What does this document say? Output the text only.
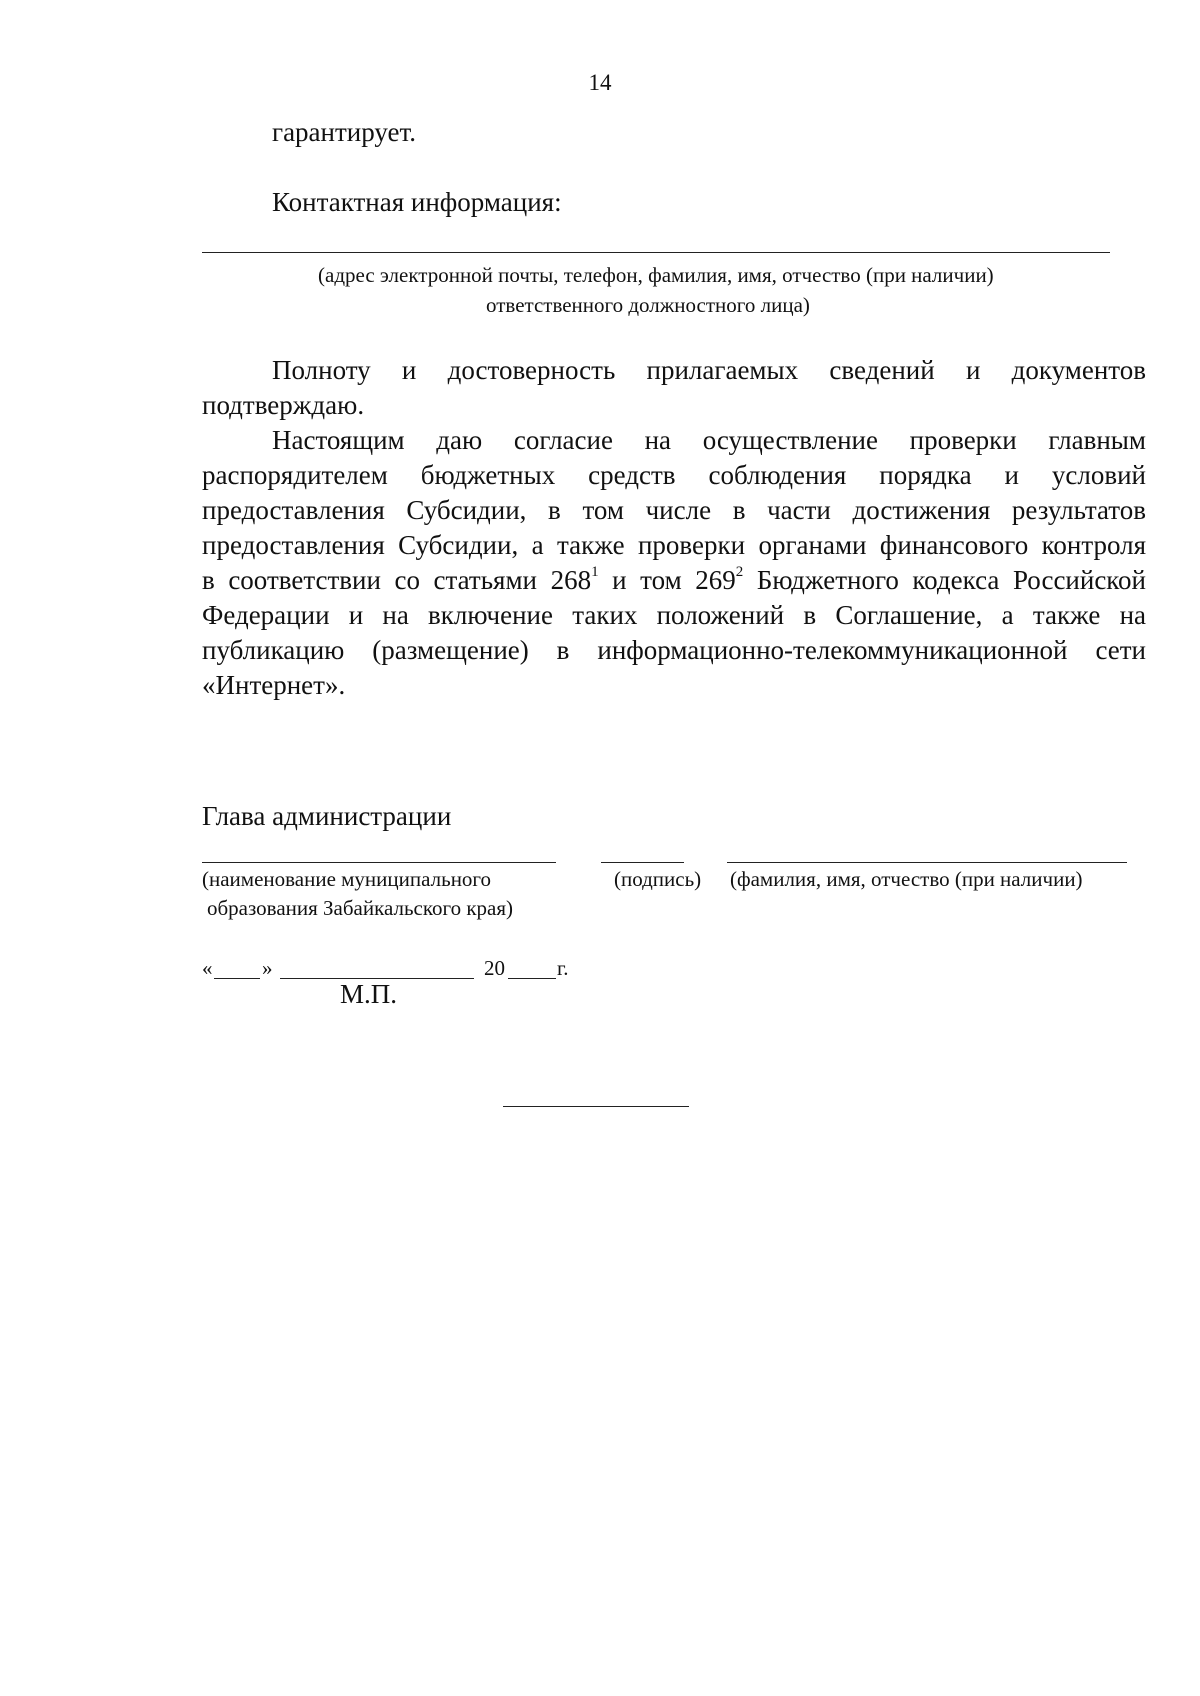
14
гарантирует.
Контактная информация:
(адрес электронной почты, телефон, фамилия, имя, отчество (при наличии)
ответственного должностного лица)
Полноту и достоверность прилагаемых сведений и документов
подтверждаю.
Настоящим даю согласие на осуществление проверки главным
распорядителем бюджетных средств соблюдения порядка и условий
предоставления Субсидии, в том числе в части достижения результатов
предоставления Субсидии, а также проверки органами финансового контроля
в соответствии со статьями $268^1$ и том $269^2$ Бюджетного кодекса Российской
Федерации и на включение таких положений в Соглашение, а также на
публикацию (размещение) в информационно-телекоммуникационной сети
«Интернет».
Глава администрации
(наименование муниципального
образования Забайкальского края)
(подпись) (фамилия, имя, отчество (при наличии)
« »	20 г.
М.П.
